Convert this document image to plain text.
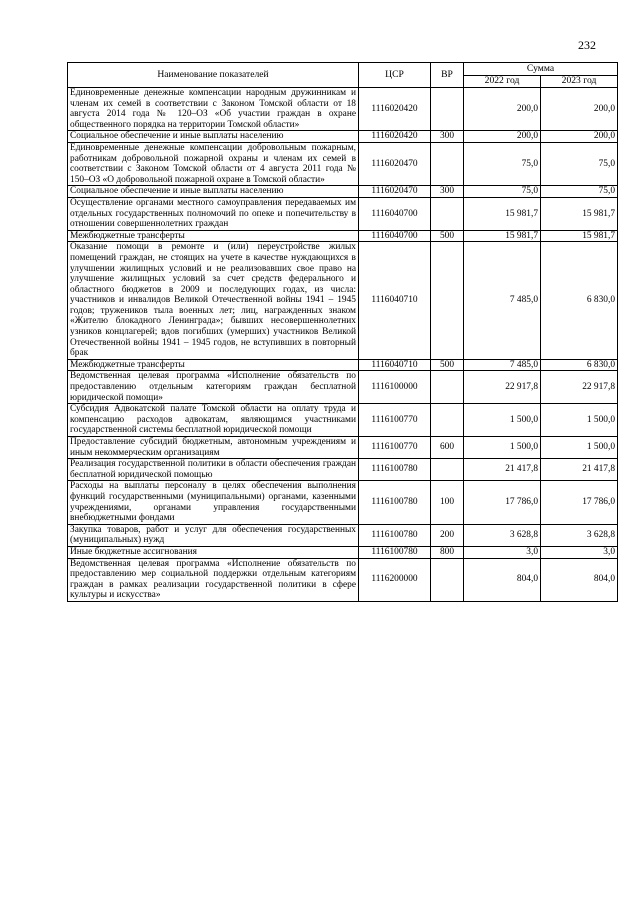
232
Наименование показателей	ЦСР	ВР	Сумма	
			2022 год	2023 год
Единовременные денежные компенсации народным дружинникам и членам их семей в соответствии с Законом Томской области от 18 августа 2014 года № 120–ОЗ «Об участии граждан в охране общественного порядка на территории Томской области»	1116020420		200,0	200,0
Социальное обеспечение и иные выплаты населению	1116020420	300	200,0	200,0
Единовременные денежные компенсации добровольным пожарным, работникам добровольной пожарной охраны и членам их семей в соответствии с Законом Томской области от 4 августа 2011 года № 150–ОЗ «О добровольной пожарной охране в Томской области»	1116020470		75,0	75,0
Социальное обеспечение и иные выплаты населению	1116020470	300	75,0	75,0
Осуществление органами местного самоуправления передаваемых им отдельных государственных полномочий по опеке и попечительству в отношении совершеннолетних граждан	1116040700		15 981,7	15 981,7
Межбюджетные трансферты	1116040700	500	15 981,7	15 981,7
Оказание помощи в ремонте и (или) переустройстве жилых помещений граждан, не стоящих на учете в качестве нуждающихся в улучшении жилищных условий и не реализовавших свое право на улучшение жилищных условий за счет средств федерального и областного бюджетов в 2009 и последующих годах, из числа: участников и инвалидов Великой Отечественной войны 1941 – 1945 годов; тружеников тыла военных лет; лиц, награжденных знаком «Жителю блокадного Ленинграда»; бывших несовершеннолетних узников концлагерей; вдов погибших (умерших) участников Великой Отечественной войны 1941 – 1945 годов, не вступивших в повторный брак	1116040710		7 485,0	6 830,0
Межбюджетные трансферты	1116040710	500	7 485,0	6 830,0
Ведомственная целевая программа «Исполнение обязательств по предоставлению отдельным категориям граждан бесплатной юридической помощи»	1116100000		22 917,8	22 917,8
Субсидия Адвокатской палате Томской области на оплату труда и компенсацию расходов адвокатам, являющимся участниками государственной системы бесплатной юридической помощи	1116100770		1 500,0	1 500,0
Предоставление субсидий бюджетным, автономным учреждениям и иным некоммерческим организациям	1116100770	600	1 500,0	1 500,0
Реализация государственной политики в области обеспечения граждан бесплатной юридической помощью	1116100780		21 417,8	21 417,8
Расходы на выплаты персоналу в целях обеспечения выполнения функций государственными (муниципальными) органами, казенными учреждениями, органами управления государственными внебюджетными фондами	1116100780	100	17 786,0	17 786,0
Закупка товаров, работ и услуг для обеспечения государственных (муниципальных) нужд	1116100780	200	3 628,8	3 628,8
Иные бюджетные ассигнования	1116100780	800	3,0	3,0
Ведомственная целевая программа «Исполнение обязательств по предоставлению мер социальной поддержки отдельным категориям граждан в рамках реализации государственной политики в сфере культуры и искусства»	1116200000		804,0	804,0
